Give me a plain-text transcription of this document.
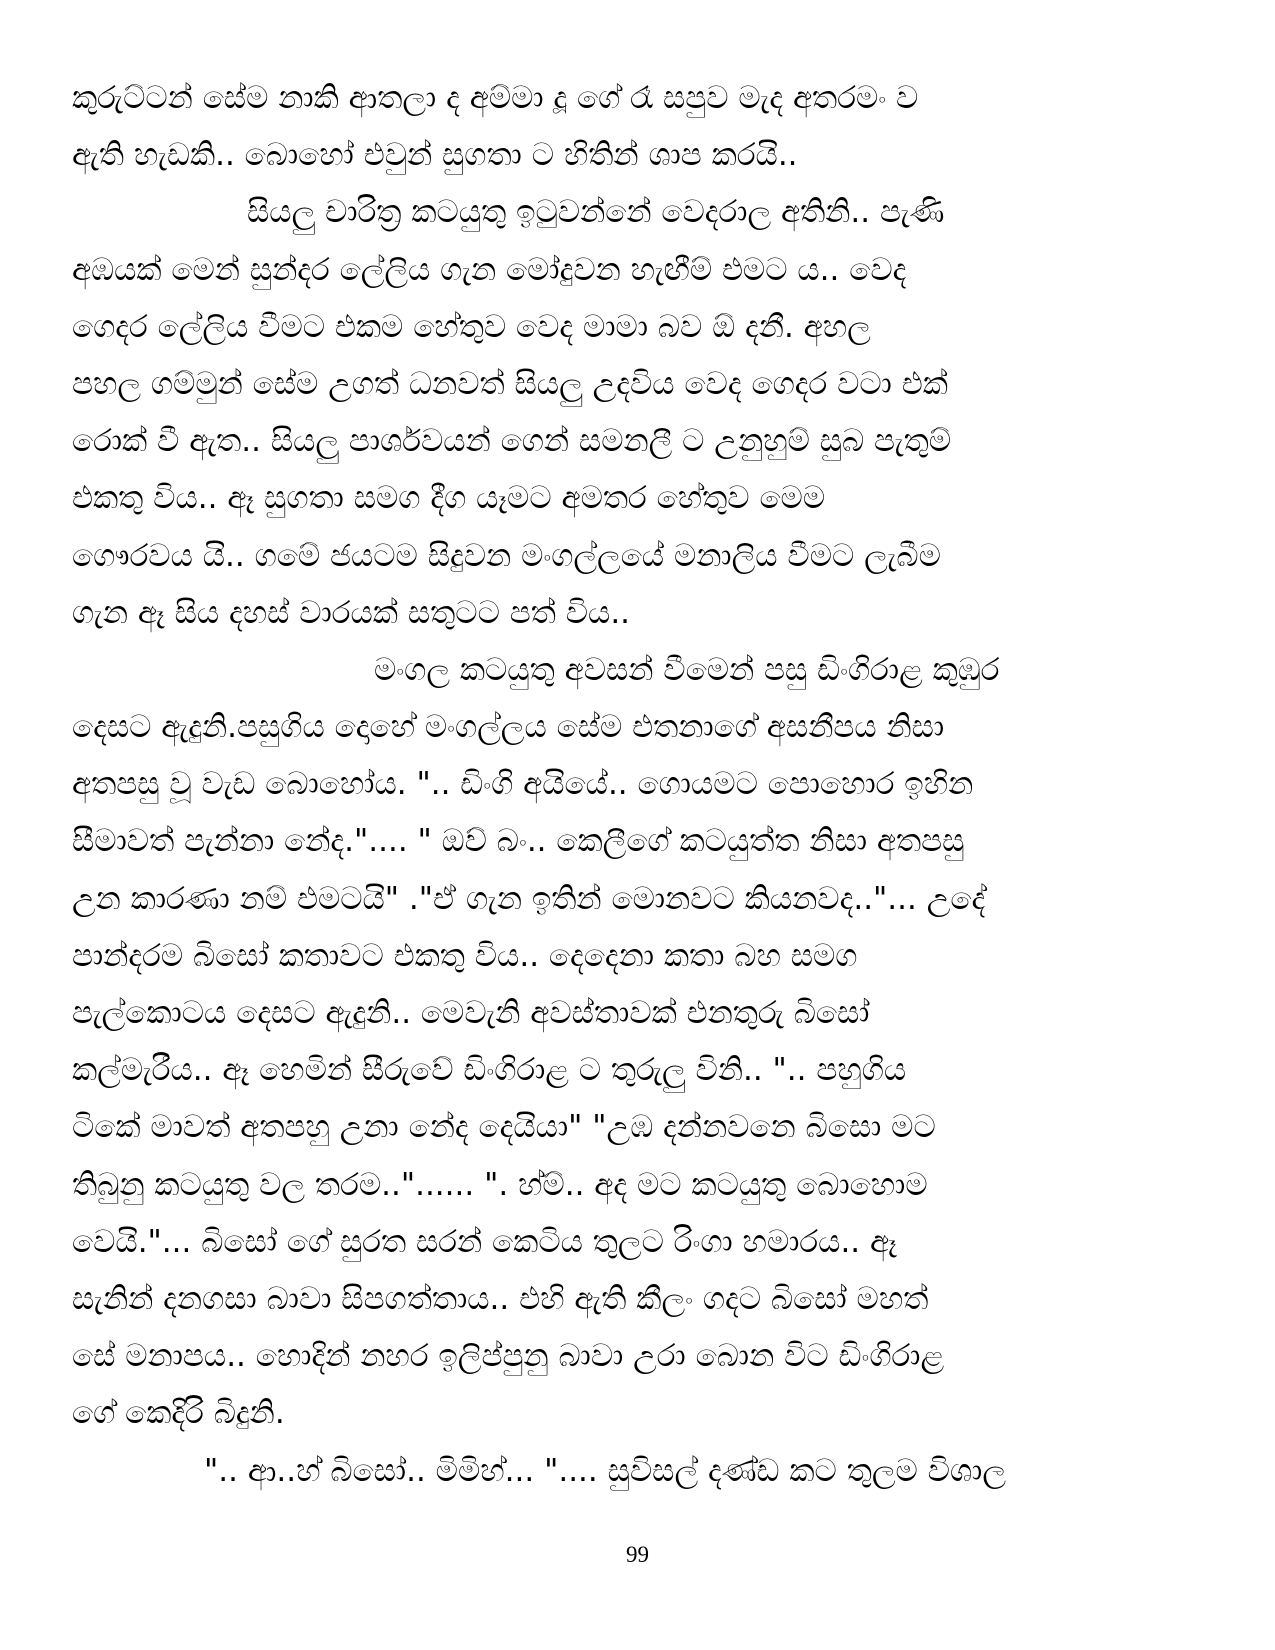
කුරුට්ටන් සේම නාකි ආතලා ද අම්මා දූ ගේ රෑ සපුව මැද අතරමං ව
ඇති හැඩකි.. බොහෝ එවුන් සුගතා ට හිතින් ශාප කරයි..
සියලු චාරිත්‍ර කටයුතු ඉටුවන්නේ වෙදරාල අතිනි.. පැණි
අඹයක් මෙන් සුන්දර ලේලිය ගැන මෝදුවන හැඟීම් එමට ය.. වෙද
ගෙදර ලේලිය වීමට එකම හේතුව වෙද මාමා බව ඕ දනී. අහල
පහල ගම්මුන් සේම උගත් ධනවත් සියලු උදවිය වෙද ගෙදර වටා එක්
රොක් වී ඇත.. සියලු පාර්ශවයන් ගෙන් සමනලී ට උනුහුම් සුබ පැතුම්
එකතු විය.. ඈ සුගතා සමග දීග යෑමට අමතර හේතුව මෙම
ගෞරවය යි.. ගමේ ජයටම සිදුවන මංගල්ලයේ මනාලිය වීමට ලැබීම
ගැන ඈ සිය දහස් වාරයක් සතුටට පත් විය..
මංගල කටයුතු අවසන් වීමෙන් පසු ඩිංගිරාළ කුඹුර
දෙසට ඇදුනි.පසුගිය දොහේ මංගල්ලය සේම එතනාගේ අසනීපය නිසා
අතපසු වූ වැඩ බොහෝය. ".. ඩිංගි අයියේ.. ගොයමට පොහොර ඉහින
සීමාවත් පැන්නා නේද.".... " ඔව් බං.. කෙලීගේ කටයුත්ත නිසා අතපසු
උන කාරණා නම් එමටයි" ."ඒ ගැන ඉතින් මොනවට කියනවද.."... උදේ
පාන්දරම බිසෝ කතාවට එකතු විය.. දෙදෙනා කතා බහ සමග
පැල්කොටය දෙසට ඇදුනි.. මෙවැනි අවස්තාවක් එනතුරු බිසෝ
කල්මැරීය.. ඈ හෙමින් සීරුවේ ඩිංගිරාළ ට තුරුලු විනි.. ".. පහුගිය
ටිකේ මාවත් අතපහු උනා නේද දෙයියා" "උඹ දන්නවනෙ බිසො මට
තිබුනු කටයුතු වල තරම.."...... ". හ්ම්.. අද මට කටයුතු බොහොම
වෙයි."... බිසෝ ගේ සුරත සරන් කෙටිය තුලට රිංගා හමාරය.. ඈ
සැනින් දනගසා බාවා සිපගත්තාය.. එහි ඇති කීලං ගදට බිසෝ මහත්
සේ මනාපය.. හොදින් නහර ඉලිප්පුනු බාවා උරා බොන විට ඩිංගිරාළ
ගේ කෙදිරි බිදුනි.
".. ආ..හ් බිසෝ.. මිමිහ්... ".... සුවිසල් දණ්ඩ කට තුලම විශාල
99
